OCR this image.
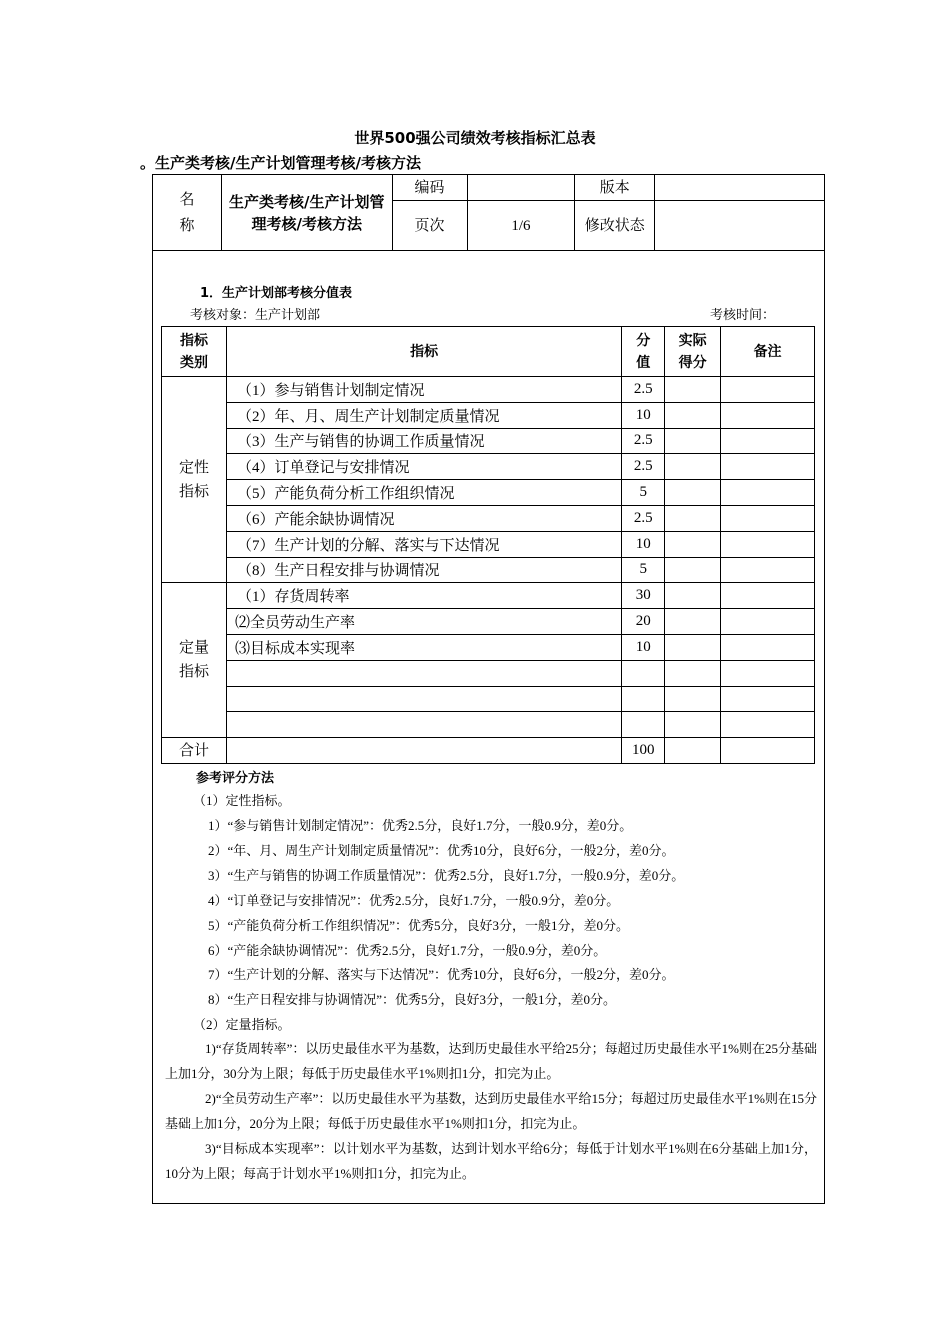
世界500强公司绩效考核指标汇总表
。生产类考核/生产计划管理考核/考核方法
名称	生产类考核/生产计划管理考核/考核方法	编码		版本	
		页次	1/6	修改状态	

1．生产计划部考核分值表
考核对象：生产计划部	考核时间：
指标类别	指标	分值	实际得分	备注

定性指标	（1）参与销售计划制定情况	2.5		
	（2）年、月、周生产计划制定质量情况	10		
	（3）生产与销售的协调工作质量情况	2.5		
	（4）订单登记与安排情况	2.5		
	（5）产能负荷分析工作组织情况	5		
	（6）产能余缺协调情况	2.5		
	（7）生产计划的分解、落实与下达情况	10		
	（8）生产日程安排与协调情况	5		

定量指标	（1）存货周转率	30		
	⑵全员劳动生产率	20		
	⑶目标成本实现率	10		

合计		100		
参考评分方法
（1）定性指标。
1）“参与销售计划制定情况”：优秀2.5分，良好1.7分，一般0.9分，差0分。
2）“年、月、周生产计划制定质量情况”：优秀10分，良好6分，一般2分，差0分。
3）“生产与销售的协调工作质量情况”：优秀2.5分，良好1.7分，一般0.9分，差0分。
4）“订单登记与安排情况”：优秀2.5分，良好1.7分，一般0.9分，差0分。
5）“产能负荷分析工作组织情况”：优秀5分，良好3分，一般1分，差0分。
6）“产能余缺协调情况”：优秀2.5分，良好1.7分，一般0.9分，差0分。
7）“生产计划的分解、落实与下达情况”：优秀10分，良好6分，一般2分，差0分。
8）“生产日程安排与协调情况”：优秀5分，良好3分，一般1分，差0分。
（2）定量指标。
1)“存货周转率”：以历史最佳水平为基数，达到历史最佳水平给25分；每超过历史最佳水平1%则在25分基础上加1分，30分为上限；每低于历史最佳水平1%则扣1分，扣完为止。
2)“全员劳动生产率”：以历史最佳水平为基数，达到历史最佳水平给15分；每超过历史最佳水平1%则在15分基础上加1分，20分为上限；每低于历史最佳水平1%则扣1分，扣完为止。
3)“目标成本实现率”：以计划水平为基数，达到计划水平给6分；每低于计划水平1%则在6分基础上加1分，10分为上限；每高于计划水平1%则扣1分，扣完为止。
